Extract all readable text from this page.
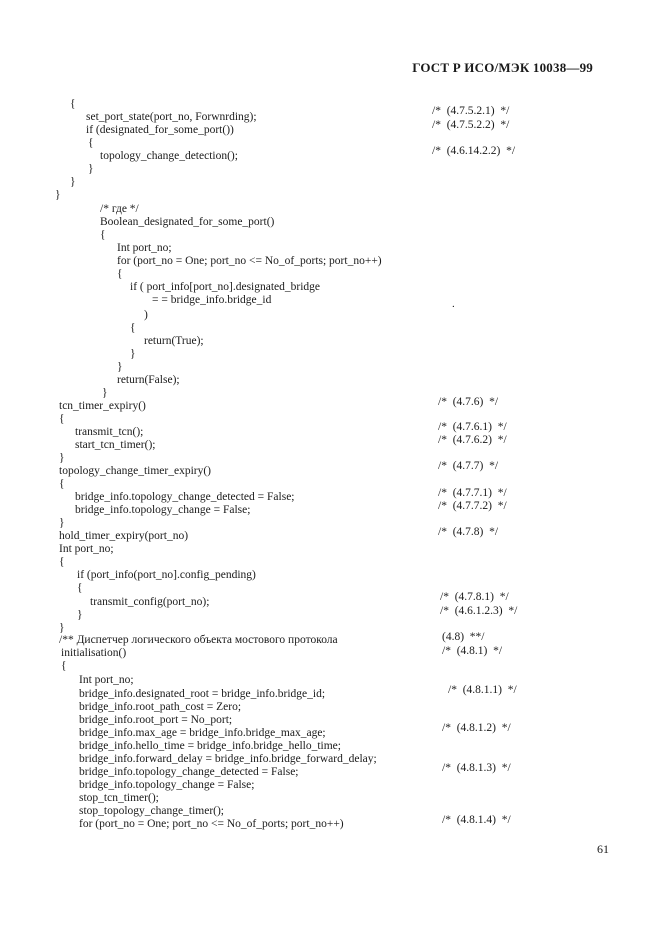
ГОСТ Р ИСО/МЭК 10038—99
{
set_port_state(port_no, Forwnrding);
if (designated_for_some_port())
{
topology_change_detection();
}
}
}
/* где */
Boolean_designated_for_some_port()
{
Int port_no;
for (port_no = One; port_no <= No_of_ports; port_no++)
{
if ( port_info[port_no].designated_bridge
= = bridge_info.bridge_id
)
{
return(True);
}
}
return(False);
}
tcn_timer_expiry()
{
transmit_tcn();
start_tcn_timer();
}
topology_change_timer_expiry()
{
bridge_info.topology_change_detected = False;
bridge_info.topology_change = False;
}
hold_timer_expiry(port_no)
Int port_no;
{
if (port_info(port_no].config_pending)
{
transmit_config(port_no);
}
}
/** Диспетчер логического объекта мостового протокола
initialisation()
{
Int port_no;
bridge_info.designated_root = bridge_info.bridge_id;
bridge_info.root_path_cost = Zero;
bridge_info.root_port = No_port;
bridge_info.max_age = bridge_info.bridge_max_age;
bridge_info.hello_time = bridge_info.bridge_hello_time;
bridge_info.forward_delay = bridge_info.bridge_forward_delay;
bridge_info.topology_change_detected = False;
bridge_info.topology_change = False;
stop_tcn_timer();
stop_topology_change_timer();
for (port_no = One; port_no <= No_of_ports; port_no++)
/*  (4.7.5.2.1)  */
/*  (4.7.5.2.2)  */
/*  (4.6.14.2.2)  */
/*  (4.7.6)  */
/*  (4.7.6.1)  */
/*  (4.7.6.2)  */
/*  (4.7.7)  */
/*  (4.7.7.1)  */
/*  (4.7.7.2)  */
/*  (4.7.8)  */
/*  (4.7.8.1)  */
/*  (4.6.1.2.3)  */
(4.8)  **/
/*  (4.8.1)  */
/*  (4.8.1.1)  */
/*  (4.8.1.2)  */
/*  (4.8.1.3)  */
/*  (4.8.1.4)  */
.
61
